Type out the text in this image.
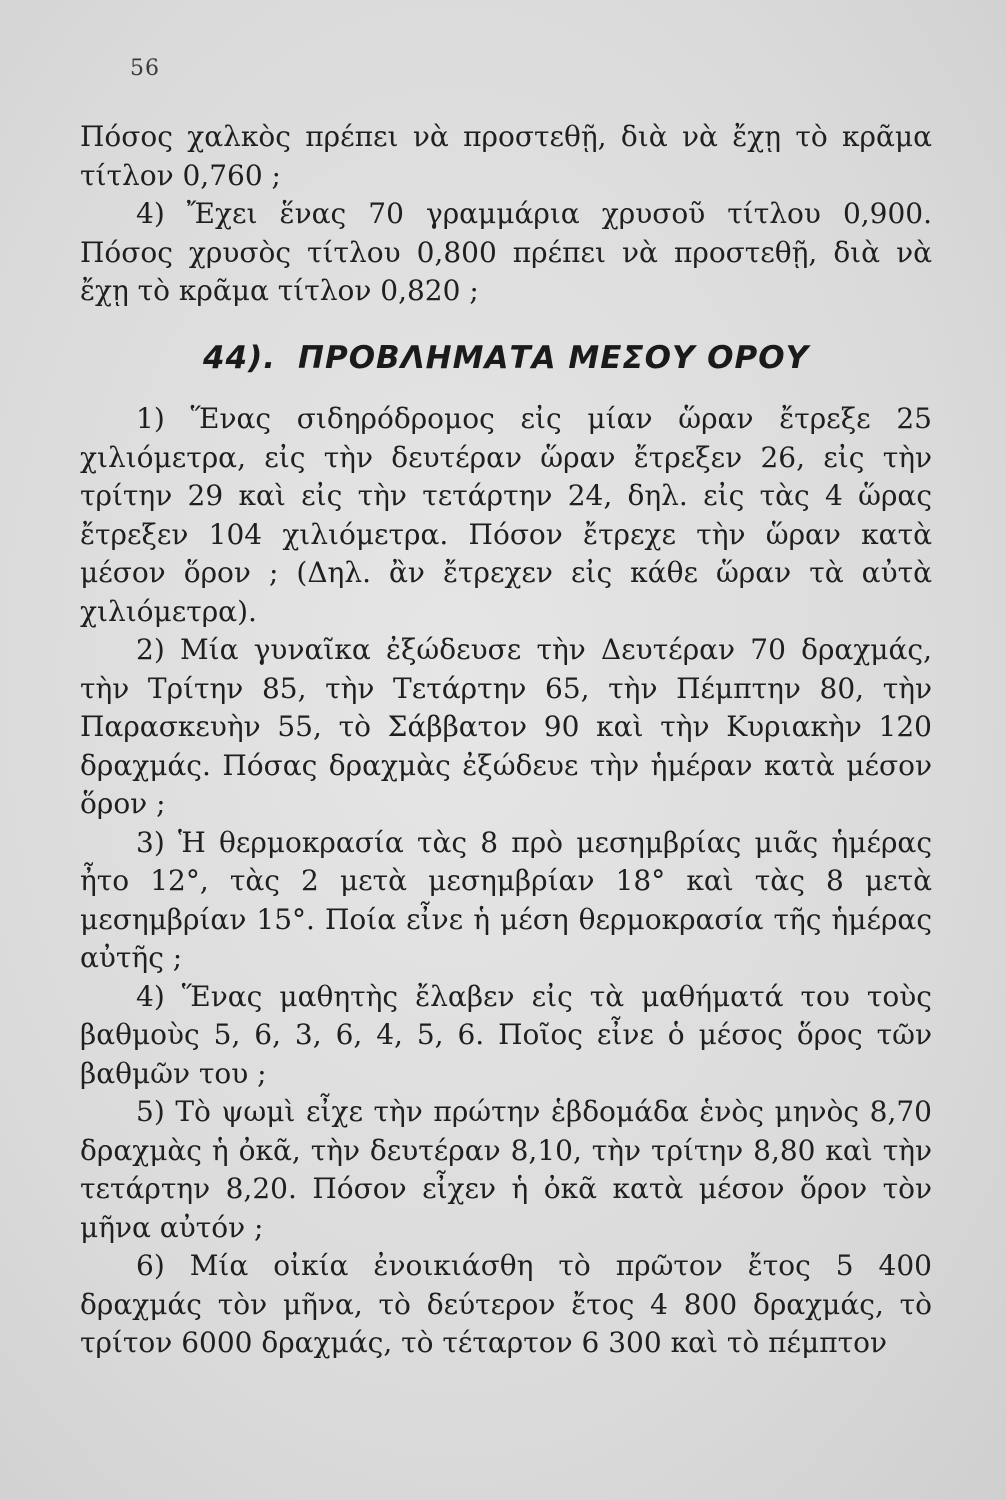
56

Πόσος χαλκὸς πρέπει νὰ προστεθῇ, διὰ νὰ ἔχῃ τὸ κρᾶμα τίτλον 0,760 ;

4) Ἔχει ἕνας 70 γραμμάρια χρυσοῦ τίτλου 0,900. Πόσος χρυσὸς τίτλου 0,800 πρέπει νὰ προστεθῇ, διὰ νὰ ἔχῃ τὸ κρᾶμα τίτλον 0,820 ;

44). ΠΡΟΒΛΗΜΑΤΑ ΜΕΣΟΥ ΟΡΟΥ

1) Ἕνας σιδηρόδρομος εἰς μίαν ὥραν ἔτρεξε 25 χιλιόμετρα, εἰς τὴν δευτέραν ὥραν ἔτρεξεν 26, εἰς τὴν τρίτην 29 καὶ εἰς τὴν τετάρτην 24, δηλ. εἰς τὰς 4 ὥρας ἔτρεξεν 104 χιλιόμετρα. Πόσον ἔτρεχε τὴν ὥραν κατὰ μέσον ὅρον ; (Δηλ. ἂν ἔτρεχεν εἰς κάθε ὥραν τὰ αὐτὰ χιλιόμετρα).

2) Μία γυναῖκα ἐξώδευσε τὴν Δευτέραν 70 δραχμάς, τὴν Τρίτην 85, τὴν Τετάρτην 65, τὴν Πέμπτην 80, τὴν Παρασκευὴν 55, τὸ Σάββατον 90 καὶ τὴν Κυριακὴν 120 δραχμάς. Πόσας δραχμὰς ἐξώδευε τὴν ἡμέραν κατὰ μέσον ὅρον ;

3) Ἡ θερμοκρασία τὰς 8 πρὸ μεσημβρίας μιᾶς ἡμέρας ἦτο 12°, τὰς 2 μετὰ μεσημβρίαν 18° καὶ τὰς 8 μετὰ μεσημβρίαν 15°. Ποία εἶνε ἡ μέση θερμοκρασία τῆς ἡμέρας αὐτῆς ;

4) Ἕνας μαθητὴς ἔλαβεν εἰς τὰ μαθήματά του τοὺς βαθμοὺς 5, 6, 3, 6, 4, 5, 6. Ποῖος εἶνε ὁ μέσος ὅρος τῶν βαθμῶν του ;

5) Τὸ ψωμὶ εἶχε τὴν πρώτην ἑβδομάδα ἑνὸς μηνὸς 8,70 δραχμὰς ἡ ὀκᾶ, τὴν δευτέραν 8,10, τὴν τρίτην 8,80 καὶ τὴν τετάρτην 8,20. Πόσον εἶχεν ἡ ὀκᾶ κατὰ μέσον ὅρον τὸν μῆνα αὐτόν ;

6) Μία οἰκία ἐνοικιάσθη τὸ πρῶτον ἔτος 5 400 δραχμάς τὸν μῆνα, τὸ δεύτερον ἔτος 4 800 δραχμάς, τὸ τρίτον 6000 δραχμάς, τὸ τέταρτον 6 300 καὶ τὸ πέμπτον
